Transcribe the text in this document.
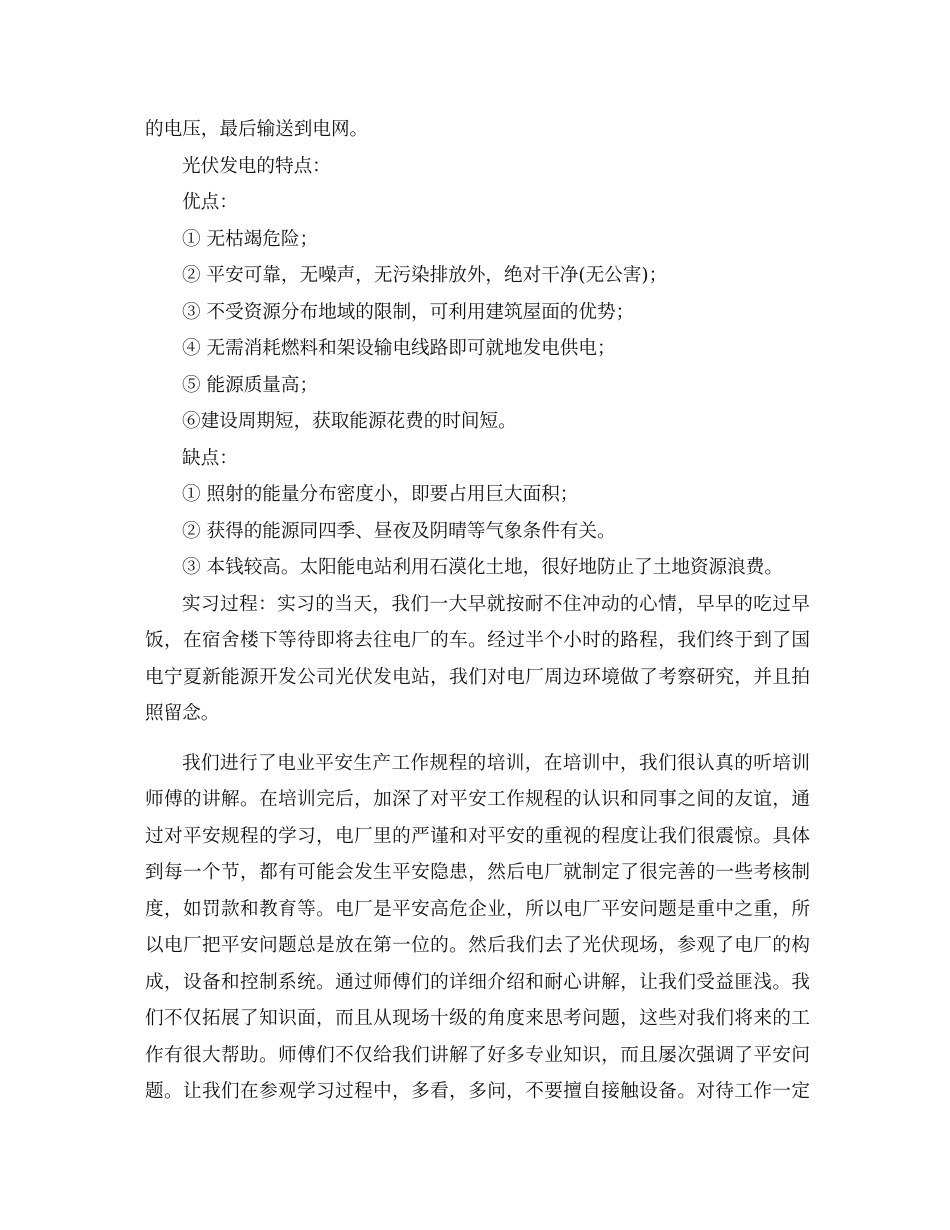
的电压，最后输送到电网。
光伏发电的特点：
优点：
① 无枯竭危险；
② 平安可靠，无噪声，无污染排放外，绝对干净(无公害)；
③ 不受资源分布地域的限制，可利用建筑屋面的优势；
④ 无需消耗燃料和架设输电线路即可就地发电供电；
⑤ 能源质量高；
⑥建设周期短，获取能源花费的时间短。
缺点：
① 照射的能量分布密度小，即要占用巨大面积；
② 获得的能源同四季、昼夜及阴晴等气象条件有关。
③ 本钱较高。太阳能电站利用石漠化土地，很好地防止了土地资源浪费。
实习过程：实习的当天，我们一大早就按耐不住冲动的心情，早早的吃过早
饭，在宿舍楼下等待即将去往电厂的车。经过半个小时的路程，我们终于到了国
电宁夏新能源开发公司光伏发电站，我们对电厂周边环境做了考察研究，并且拍
照留念。
我们进行了电业平安生产工作规程的培训，在培训中，我们很认真的听培训
师傅的讲解。在培训完后，加深了对平安工作规程的认识和同事之间的友谊，通
过对平安规程的学习，电厂里的严谨和对平安的重视的程度让我们很震惊。具体
到每一个节，都有可能会发生平安隐患，然后电厂就制定了很完善的一些考核制
度，如罚款和教育等。电厂是平安高危企业，所以电厂平安问题是重中之重，所
以电厂把平安问题总是放在第一位的。然后我们去了光伏现场，参观了电厂的构
成，设备和控制系统。通过师傅们的详细介绍和耐心讲解，让我们受益匪浅。我
们不仅拓展了知识面，而且从现场十级的角度来思考问题，这些对我们将来的工
作有很大帮助。师傅们不仅给我们讲解了好多专业知识，而且屡次强调了平安问
题。让我们在参观学习过程中，多看，多问，不要擅自接触设备。对待工作一定
